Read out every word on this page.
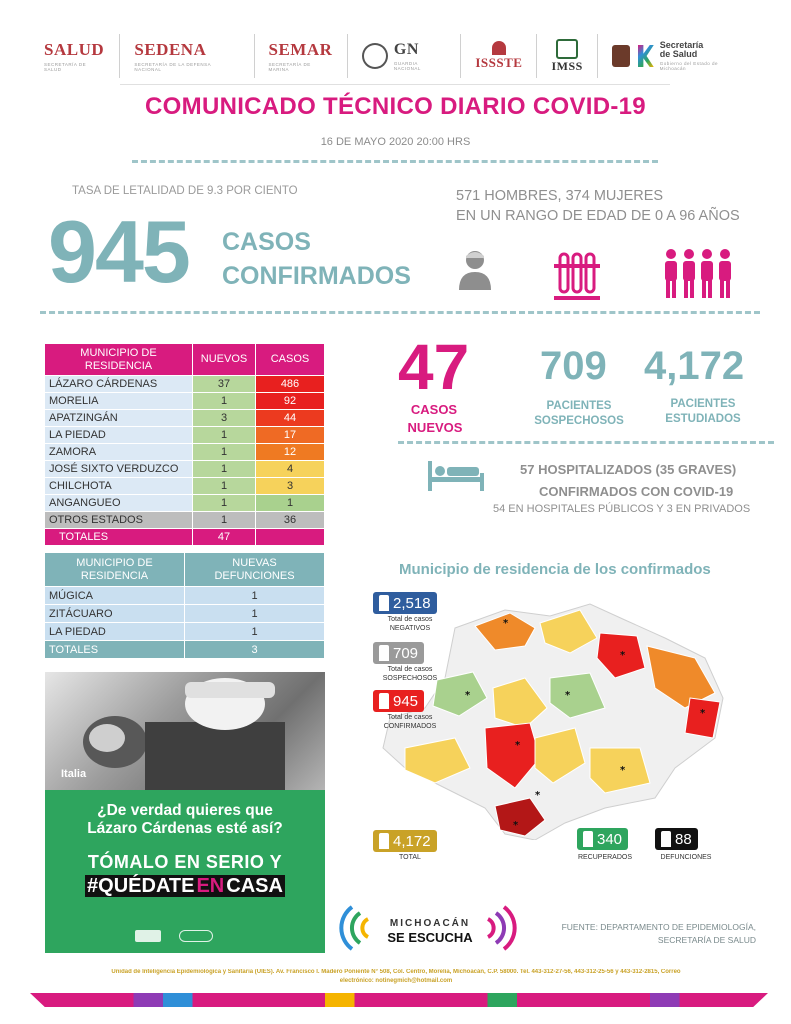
SALUD
SECRETARÍA DE SALUD
SEDENA
SECRETARÍA DE LA DEFENSA NACIONAL
SEMAR
SECRETARÍA DE MARINA
GN
GUARDIA NACIONAL	ISSSTE IMSS
Secretaría de Salud
Gobierno del Estado de Michoacán
COMUNICADO TÉCNICO DIARIO COVID-19
16 DE MAYO 2020 20:00 HRS
TASA DE LETALIDAD DE 9.3 POR CIENTO
945 CASOS
CONFIRMADOS
571 HOMBRES, 374 MUJERES
EN UN RANGO DE EDAD DE 0 A 96 AÑOS
MUNICIPIO DE RESIDENCIA	NUEVOS	CASOS
LÁZARO CÁRDENAS	37	486
MORELIA	1	92
APATZINGÁN	3	44
LA PIEDAD	1	17
ZAMORA	1	12
JOSÉ SIXTO VERDUZCO	1	4
CHILCHOTA	1	3
ANGANGUEO	1	1
OTROS ESTADOS	1	36
TOTALES	47	
MUNICIPIO DE RESIDENCIA	NUEVAS DEFUNCIONES
MÚGICA	1
ZITÁCUARO	1
LA PIEDAD	1
TOTALES	3
47
CASOS
NUEVOS
709
PACIENTES
SOSPECHOSOS
4,172
PACIENTES
ESTUDIADOS
57 HOSPITALIZADOS (35 GRAVES)
CONFIRMADOS CON COVID-19
54 EN HOSPITALES PÚBLICOS Y 3 EN PRIVADOS
Italia
¿De verdad quieres que
Lázaro Cárdenas esté así?
TÓMALO EN SERIO Y
#QUÉDATE EN CASA
Municipio de residencia de los confirmados
*
*
*
*
*
*
*
*
*
2,518
Total de casos
NEGATIVOS
709
Total de casos
SOSPECHOSOS
945
Total de casos
CONFIRMADOS
4,172
TOTAL
340
RECUPERADOS
88
DEFUNCIONES
MICHOACÁN
SE ESCUCHA
FUENTE: DEPARTAMENTO DE EPIDEMIOLOGÍA,
SECRETARÍA DE SALUD
Unidad de Inteligencia Epidemiológica y Sanitaria (UIES). Av. Francisco I. Madero Poniente N° 508, Col. Centro, Morelia, Michoacán, C.P. 58000. Tel. 443-312-27-56, 443-312-25-56 y 443-312-2815, Correo
electrónico: notinegmich@hotmail.com
